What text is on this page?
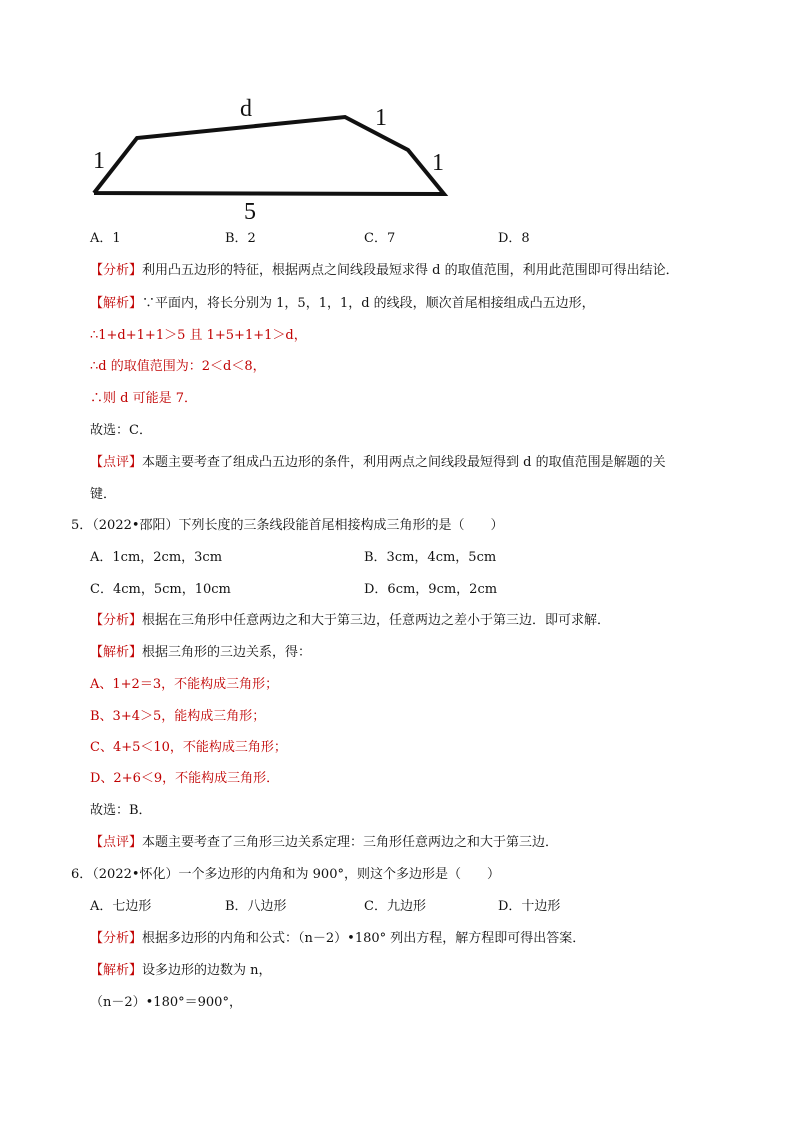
d	1
1
1
5
A．1	B．2	C．7	D．8
【分析】利用凸五边形的特征，根据两点之间线段最短求得 d 的取值范围，利用此范围即可得出结论．
【解析】∵平面内，将长分别为 1，5，1，1，d 的线段，顺次首尾相接组成凸五边形，
∴1+d+1+1＞5 且 1+5+1+1＞d，
∴d 的取值范围为：2＜d＜8，
∴则 d 可能是 7．
故选：C．
【点评】本题主要考查了组成凸五边形的条件，利用两点之间线段最短得到 d 的取值范围是解题的关
键．
5．（2022•邵阳）下列长度的三条线段能首尾相接构成三角形的是（　　）
A．1cm，2cm，3cm	B．3cm，4cm，5cm
C．4cm，5cm，10cm	D．6cm，9cm，2cm
【分析】根据在三角形中任意两边之和大于第三边，任意两边之差小于第三边．即可求解．
【解析】根据三角形的三边关系，得：
A、1+2＝3，不能构成三角形；
B、3+4＞5，能构成三角形；
C、4+5＜10，不能构成三角形；
D、2+6＜9，不能构成三角形．
故选：B．
【点评】本题主要考查了三角形三边关系定理：三角形任意两边之和大于第三边．
6．（2022•怀化）一个多边形的内角和为 900°，则这个多边形是（　　）
A．七边形	B．八边形	C．九边形	D．十边形
【分析】根据多边形的内角和公式：（n－2）•180° 列出方程，解方程即可得出答案．
【解析】设多边形的边数为 n，
（n－2）•180°＝900°，
